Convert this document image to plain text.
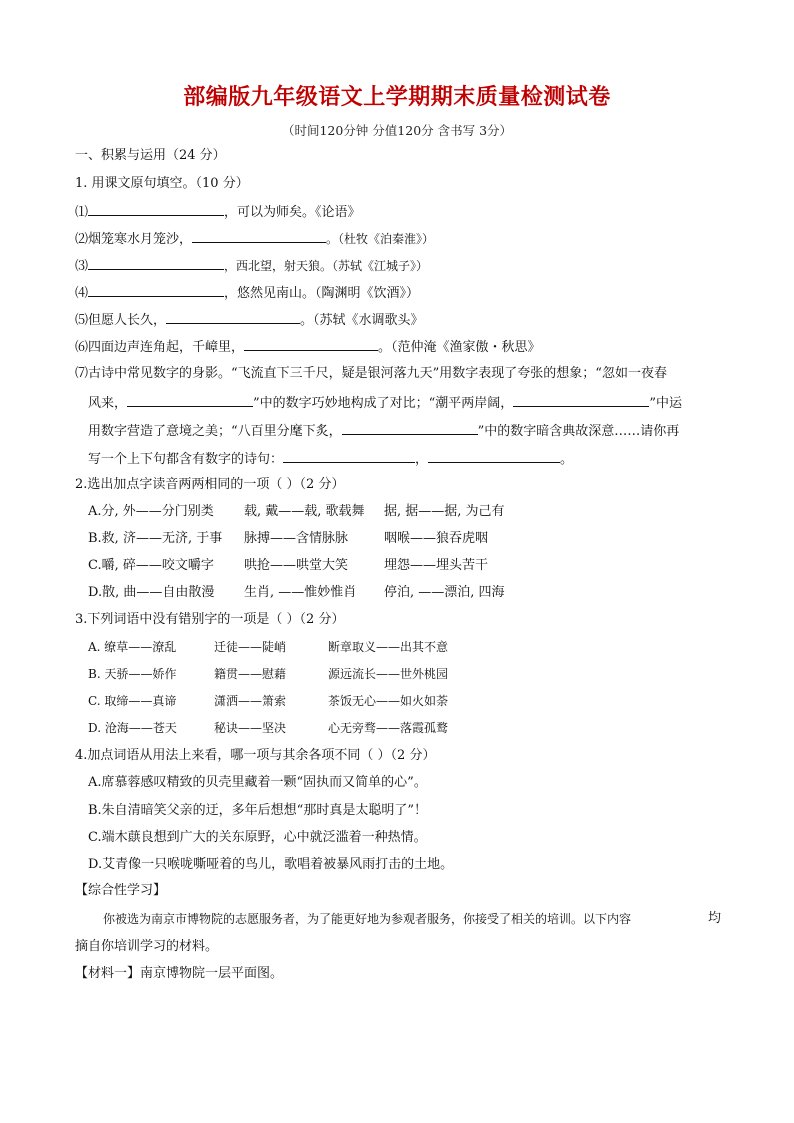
部编版九年级语文上学期期末质量检测试卷
（时间120分钟 分值120分 含书写 3分）
一、积累与运用（24 分）
1. 用课文原句填空。（10 分）
⑴	，可以为师矣。《论语》
⑵烟笼寒水月笼沙，	。（杜牧《泊秦淮》）
⑶	，西北望，射天狼。（苏轼《江城子》）
⑷	，悠然见南山。（陶渊明《饮酒》）
⑸但愿人长久，	。（苏轼《水调歌头》
⑹四面边声连角起，千嶂里，	。（范仲淹《渔家傲・秋思》
⑺古诗中常见数字的身影。“飞流直下三千尺，疑是银河落九天”用数字表现了夸张的想象；“忽如一夜春
风来，	”中的数字巧妙地构成了对比；“潮平两岸阔，	”中运
用数字营造了意境之美；“八百里分麾下炙，	”中的数字暗含典故深意……请你再
写一个上下句都含有数字的诗句：	，	。
2.选出加点字读音两两相同的一项（ ）（2 分）
A.分, 外——分门别类 载, 戴——载, 歌载舞 据, 据——据, 为己有
B.救, 济——无济, 于事 脉搏——含情脉脉	咽喉——狼吞虎咽
C.嚼, 碎——咬文嚼字 哄抢——哄堂大笑	埋怨——埋头苦干
D.散, 曲——自由散漫 生肖, ——惟妙惟肖 停泊, ——漂泊, 四海
3.下列词语中没有错别字的一项是（ ）（2 分）
A. 缭草——潦乱	迁徒——陡峭	断章取义——出其不意
B. 天骄——娇作	籍贯——慰藉	源远流长——世外桃园
C. 取缔——真谛	潇洒——箫索	茶饭无心——如火如荼
D. 沧海——苍天	秘诀——坚决	心无旁骛——落霞孤鹜
4.加点词语从用法上来看，哪一项与其余各项不同（ ）（2 分）
A.席慕蓉感叹精致的贝壳里藏着一颗“固执而又简单的心”。
B.朱自清暗笑父亲的迂，多年后想想“那时真是太聪明了”！
C.端木蕻良想到广大的关东原野，心中就泛滥着一种热情。
D.艾青像一只喉咙嘶哑着的鸟儿，歌唱着被暴风雨打击的土地。
【综合性学习】
你被选为南京市博物院的志愿服务者，为了能更好地为参观者服务，你接受了相关的培训。以下内容	均
摘自你培训学习的材料。
【材料一】南京博物院一层平面图。
